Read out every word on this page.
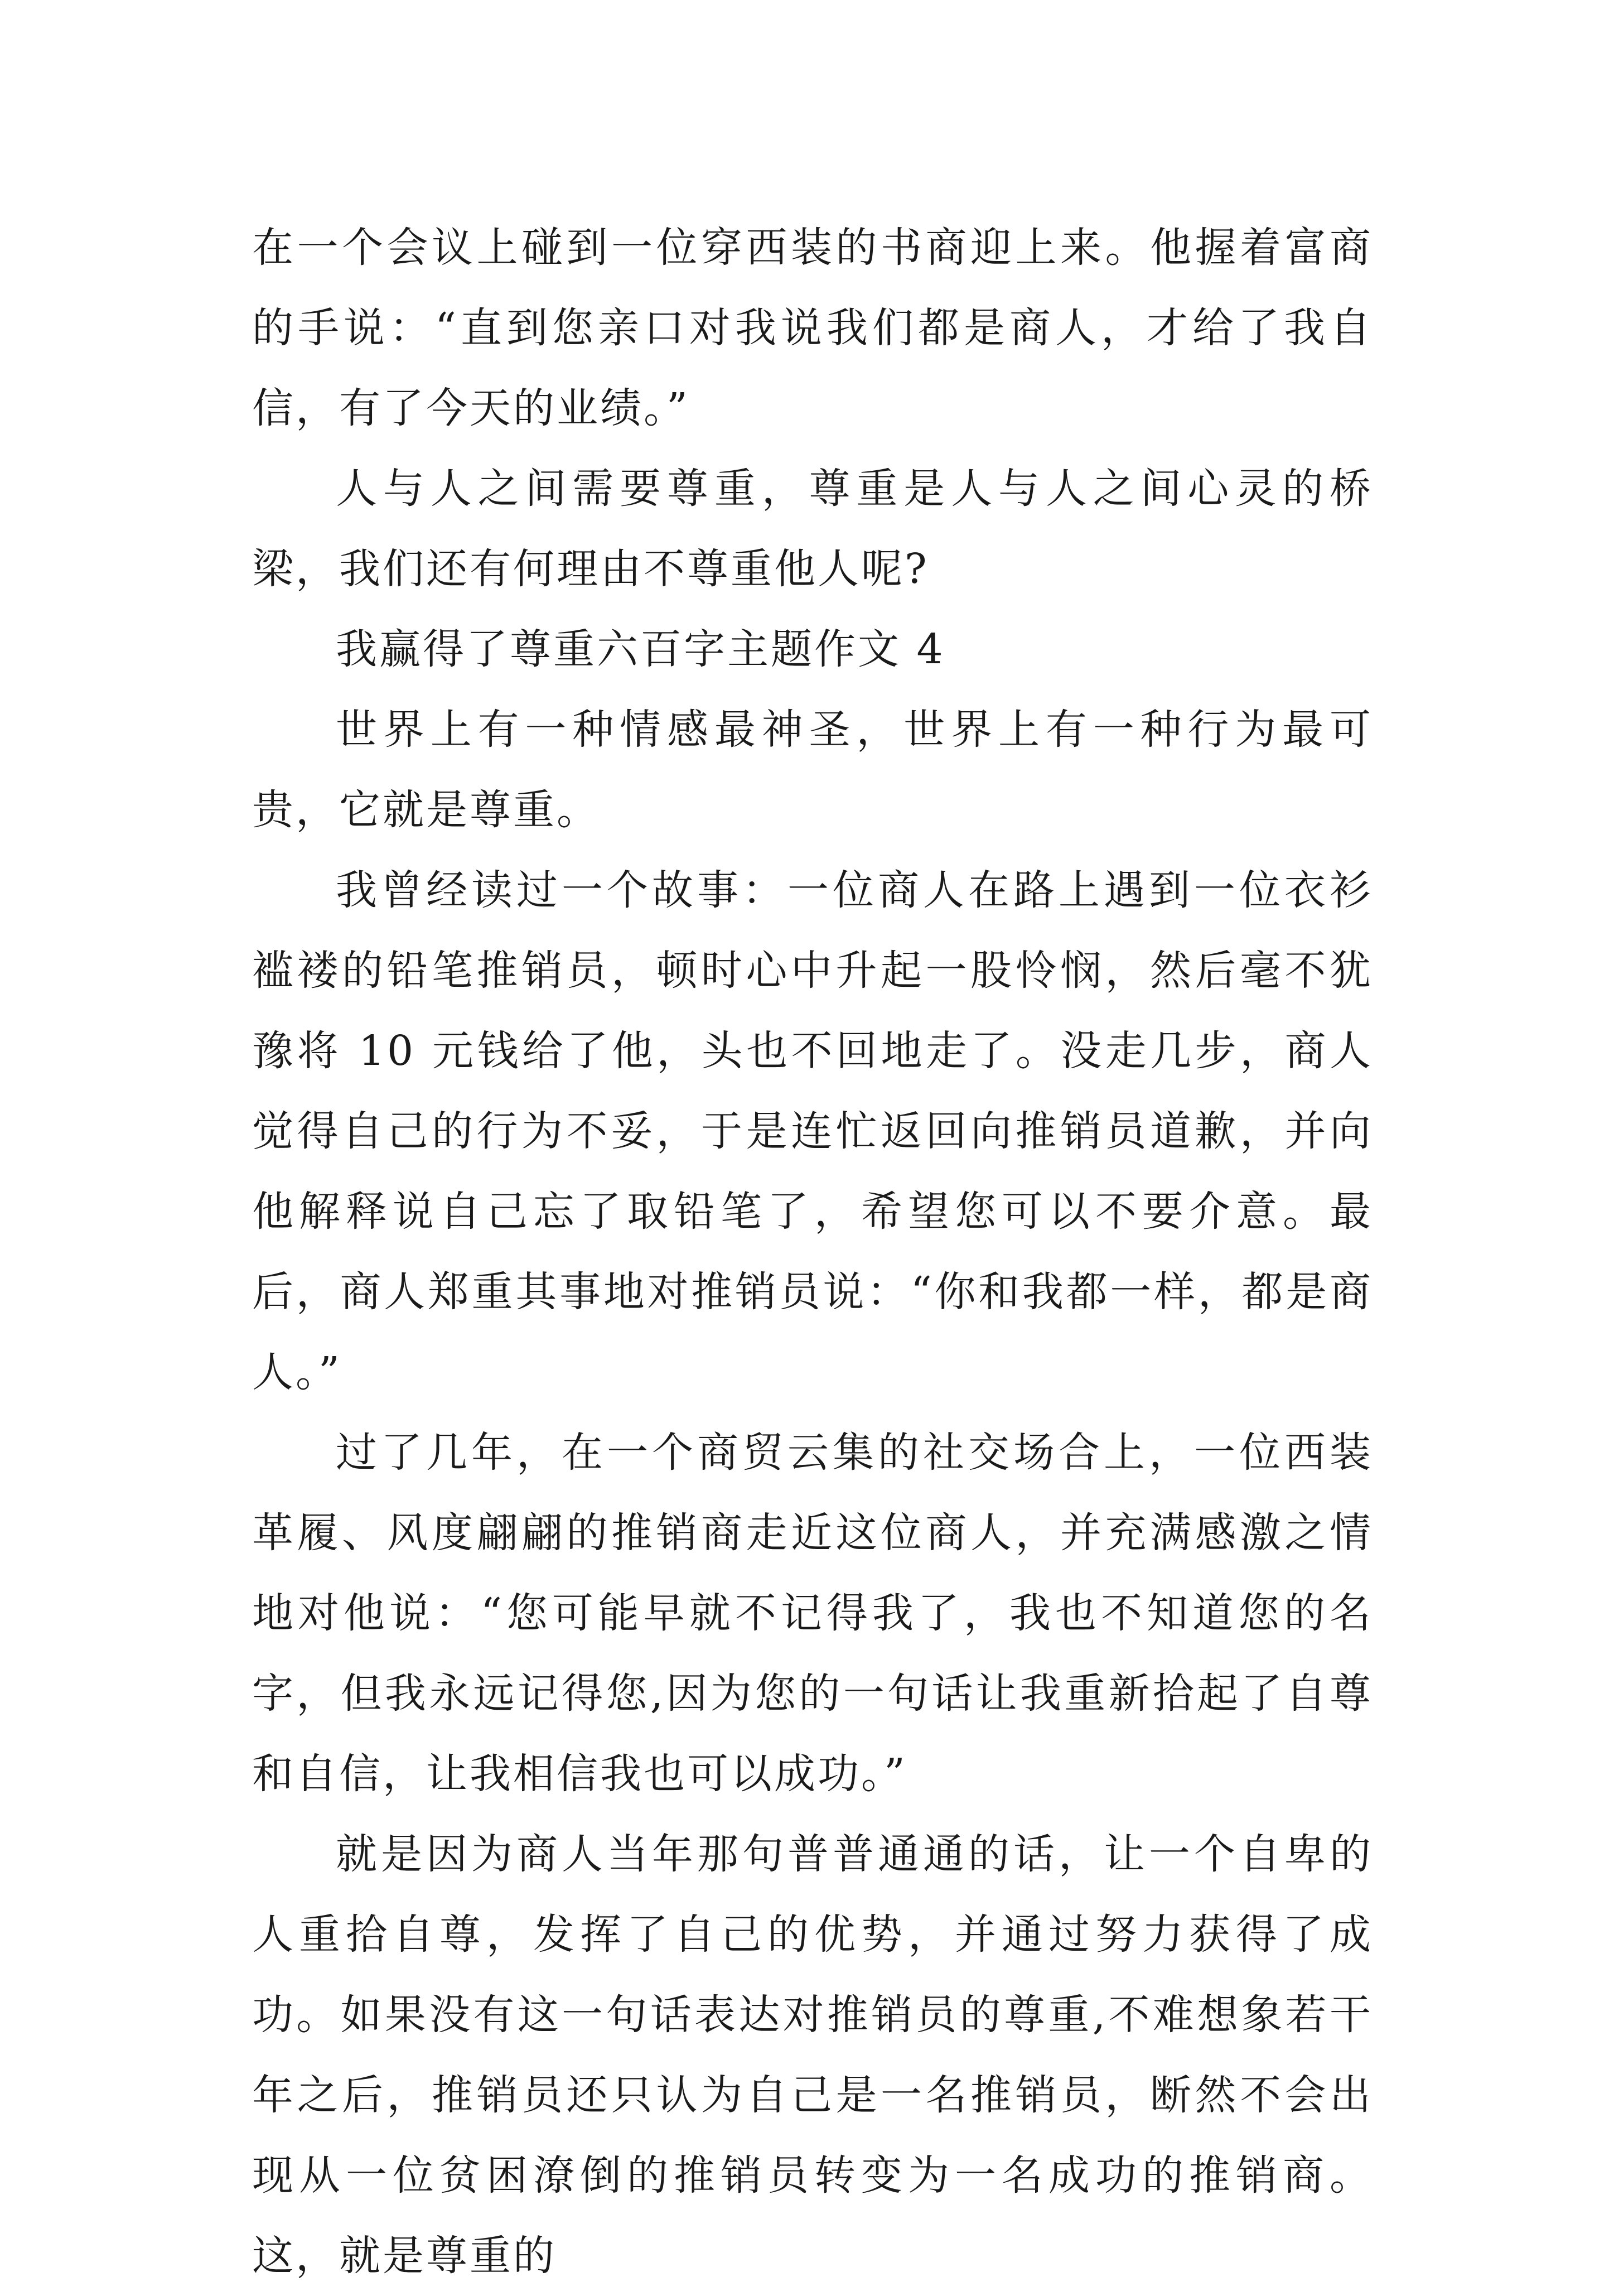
在一个会议上碰到一位穿西装的书商迎上来。他握着富商的手说：“直到您亲口对我说我们都是商人，才给了我自信，有了今天的业绩。”

人与人之间需要尊重，尊重是人与人之间心灵的桥梁，我们还有何理由不尊重他人呢?

我赢得了尊重六百字主题作文 4

世界上有一种情感最神圣，世界上有一种行为最可贵，它就是尊重。

我曾经读过一个故事：一位商人在路上遇到一位衣衫褴褛的铅笔推销员，顿时心中升起一股怜悯，然后毫不犹豫将 10 元钱给了他，头也不回地走了。没走几步，商人觉得自己的行为不妥，于是连忙返回向推销员道歉，并向他解释说自己忘了取铅笔了，希望您可以不要介意。最后，商人郑重其事地对推销员说：“你和我都一样，都是商人。”

过了几年，在一个商贸云集的社交场合上，一位西装革履、风度翩翩的推销商走近这位商人，并充满感激之情地对他说：“您可能早就不记得我了，我也不知道您的名字，但我永远记得您,因为您的一句话让我重新拾起了自尊和自信，让我相信我也可以成功。”

就是因为商人当年那句普普通通的话，让一个自卑的人重拾自尊，发挥了自己的优势，并通过努力获得了成功。如果没有这一句话表达对推销员的尊重,不难想象若干年之后，推销员还只认为自己是一名推销员，断然不会出现从一位贫困潦倒的推销员转变为一名成功的推销商。这，就是尊重的
